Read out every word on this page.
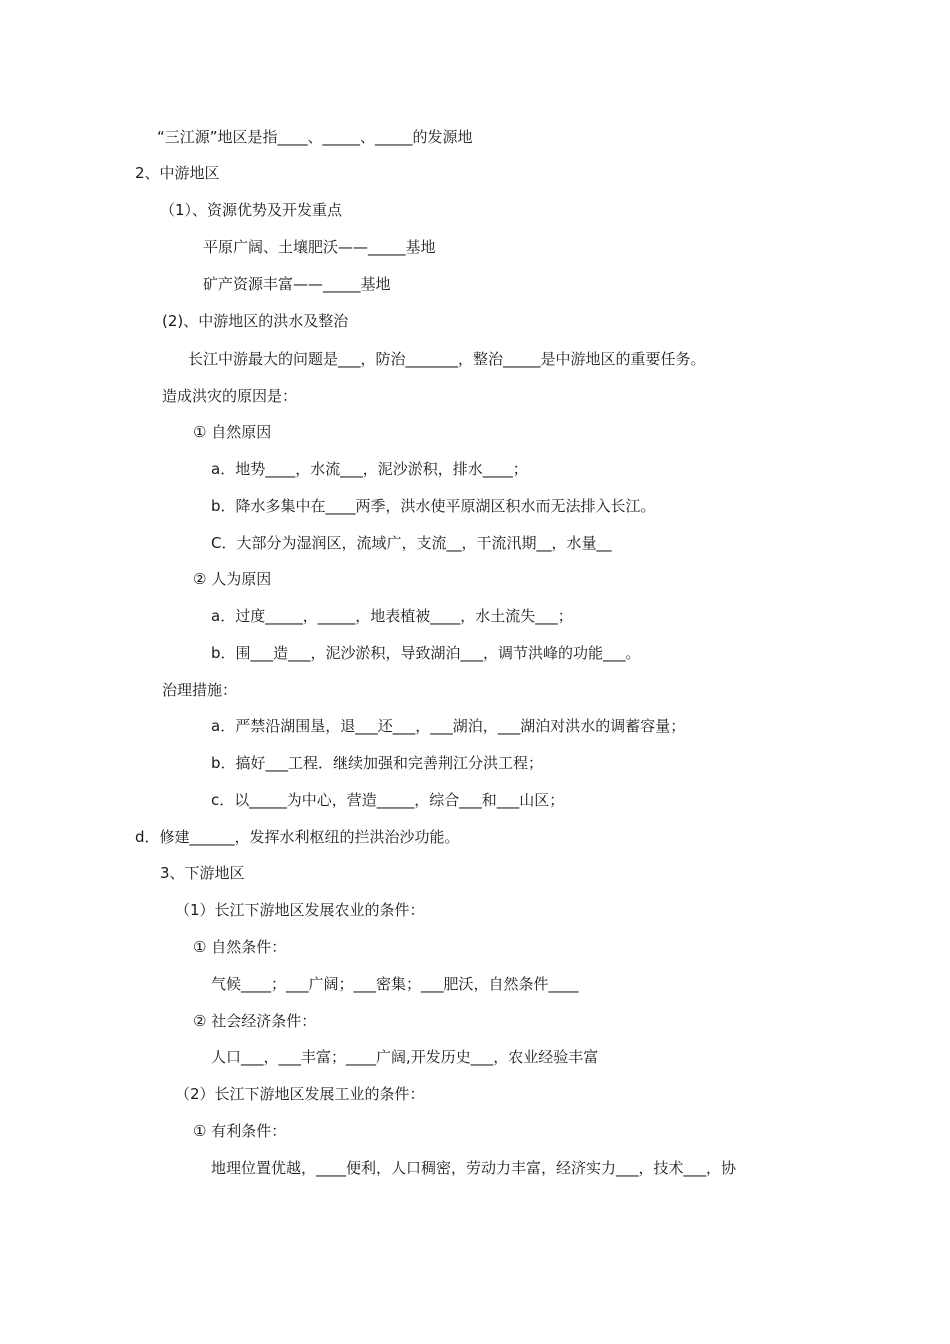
“三江源”地区是指____、_____、_____的发源地
2、中游地区
（1）、资源优势及开发重点
平原广阔、土壤肥沃——_____基地
矿产资源丰富——_____基地
(2)、中游地区的洪水及整治
长江中游最大的问题是___，防治_______，整治_____是中游地区的重要任务。
造成洪灾的原因是：
① 自然原因
a．地势____，水流___，泥沙淤积，排水____；
b．降水多集中在____两季，洪水使平原湖区积水而无法排入长江。
C．大部分为湿润区，流域广，支流__，干流汛期__，水量__
② 人为原因
a．过度_____，_____，地表植被____，水土流失___；
b．围___造___，泥沙淤积，导致湖泊___，调节洪峰的功能___。
治理措施：
a．严禁沿湖围垦，退___还___，___湖泊，___湖泊对洪水的调蓄容量；
b．搞好___工程．继续加强和完善荆江分洪工程；
c．以_____为中心，营造_____，综合___和___山区；
d．修建______，发挥水利枢纽的拦洪治沙功能。
3、下游地区
（1）长江下游地区发展农业的条件：
① 自然条件：
气候____；___广阔；___密集；___肥沃，自然条件____
② 社会经济条件：
人口___，___丰富；____广阔,开发历史___，农业经验丰富
（2）长江下游地区发展工业的条件：
① 有利条件：
地理位置优越，____便利，人口稠密，劳动力丰富，经济实力___，技术___，协
